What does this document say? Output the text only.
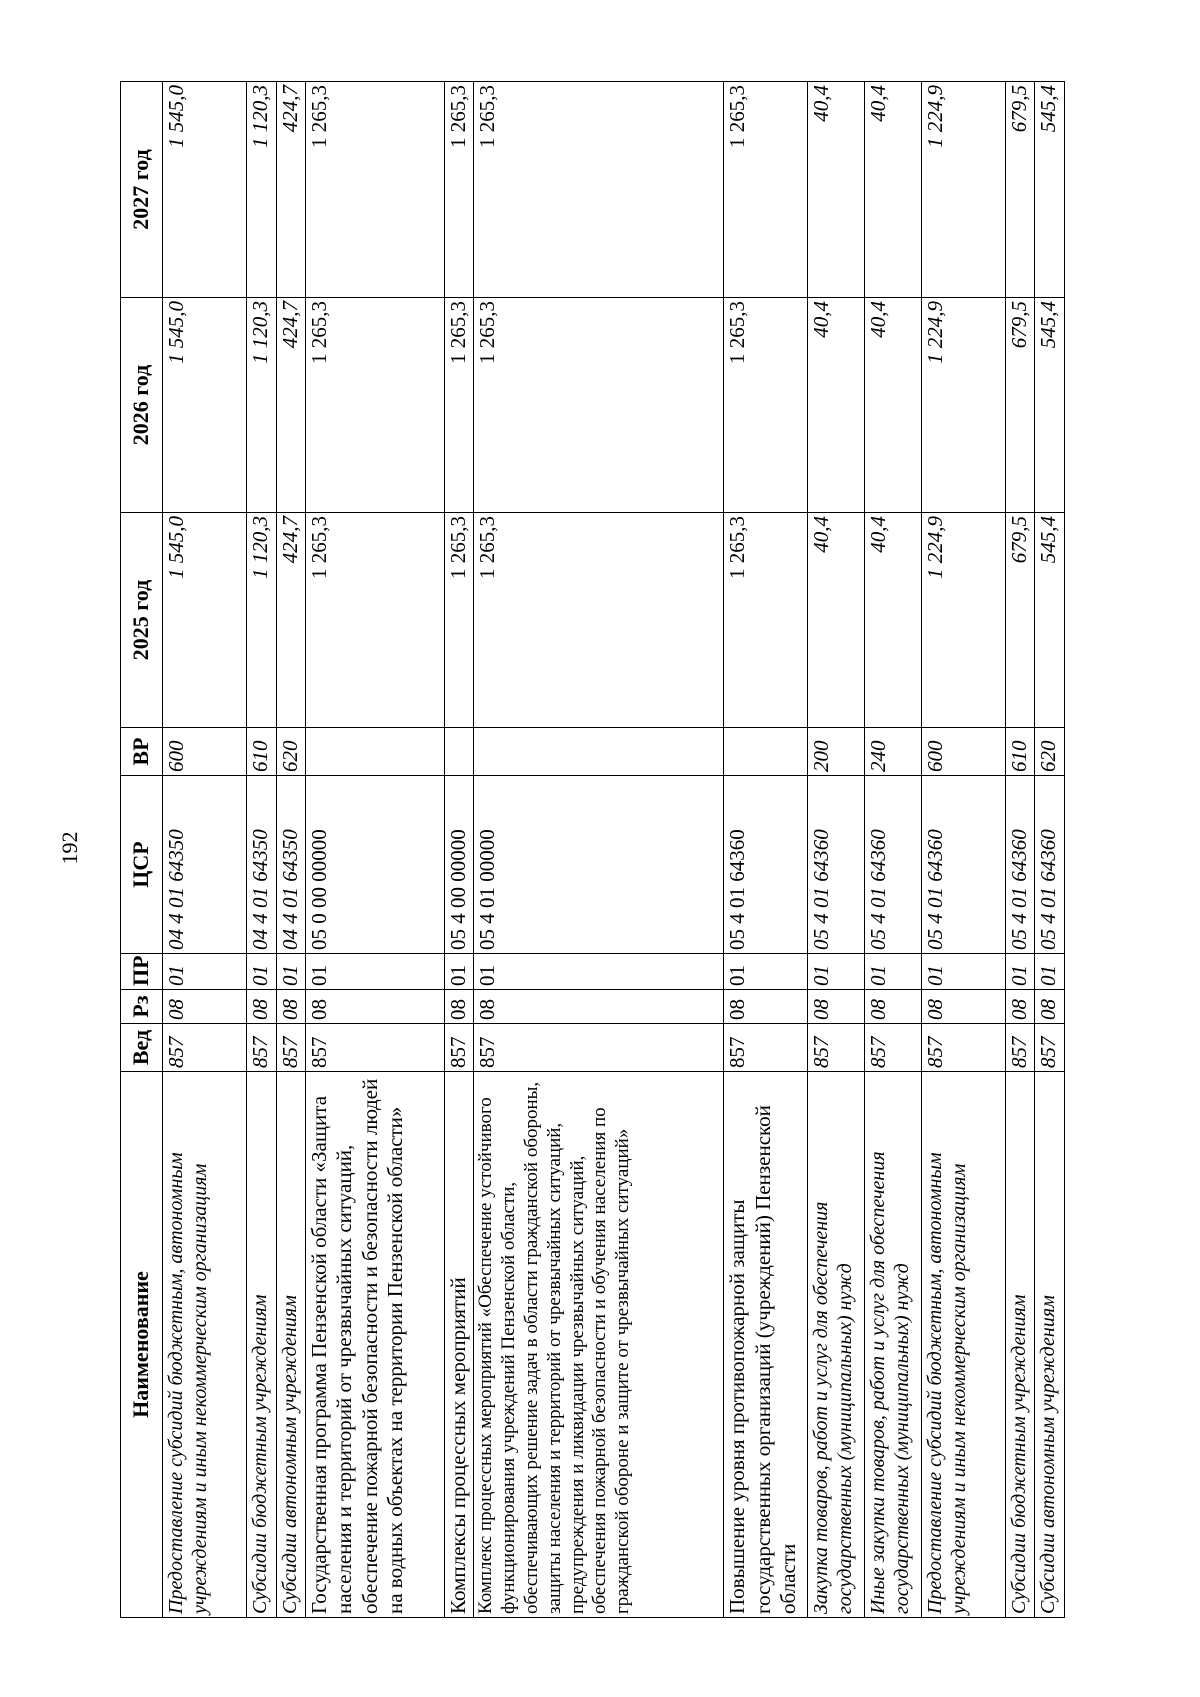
192
Наименование	Вед	Рз	ПР	ЦСР	ВР	2025 год	2026 год	2027 год
Предоставление субсидий бюджетным, автономным учреждениям и иным некоммерческим организациям	857	08	01	04 4 01 64350	600	1 545,0	1 545,0	1 545,0
Субсидии бюджетным учреждениям	857	08	01	04 4 01 64350	610	1 120,3	1 120,3	1 120,3
Субсидии автономным учреждениям	857	08	01	04 4 01 64350	620	424,7	424,7	424,7
Государственная программа Пензенской области «Защита населения и территорий от чрезвычайных ситуаций, обеспечение пожарной безопасности и безопасности людей на водных объектах на территории Пензенской области»	857	08	01	05 0 00 00000		1 265,3	1 265,3	1 265,3
Комплексы процессных мероприятий	857	08	01	05 4 00 00000		1 265,3	1 265,3	1 265,3
Комплекс процессных мероприятий «Обеспечение устойчивого функционирования учреждений Пензенской области, обеспечивающих решение задач в области гражданской обороны, защиты населения и территорий от чрезвычайных ситуаций, предупреждения и ликвидации чрезвычайных ситуаций, обеспечения пожарной безопасности и обучения населения по гражданской обороне и защите от чрезвычайных ситуаций»	857	08	01	05 4 01 00000		1 265,3	1 265,3	1 265,3
Повышение уровня противопожарной защиты государственных организаций (учреждений) Пензенской области	857	08	01	05 4 01 64360		1 265,3	1 265,3	1 265,3
Закупка товаров, работ и услуг для обеспечения государственных (муниципальных) нужд	857	08	01	05 4 01 64360	200	40,4	40,4	40,4
Иные закупки товаров, работ и услуг для обеспечения государственных (муниципальных) нужд	857	08	01	05 4 01 64360	240	40,4	40,4	40,4
Предоставление субсидий бюджетным, автономным учреждениям и иным некоммерческим организациям	857	08	01	05 4 01 64360	600	1 224,9	1 224,9	1 224,9
Субсидии бюджетным учреждениям	857	08	01	05 4 01 64360	610	679,5	679,5	679,5
Субсидии автономным учреждениям	857	08	01	05 4 01 64360	620	545,4	545,4	545,4
